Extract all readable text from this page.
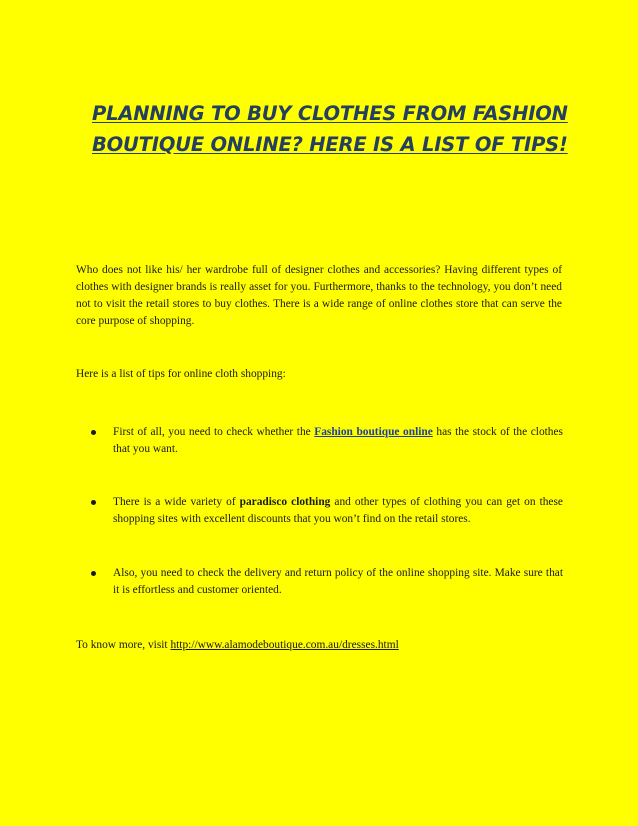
PLANNING TO BUY CLOTHES FROM FASHION
BOUTIQUE ONLINE? HERE IS A LIST OF TIPS!

Who does not like his/ her wardrobe full of designer clothes and accessories? Having different types of clothes with designer brands is really asset for you. Furthermore, thanks to the technology, you don’t need not to visit the retail stores to buy clothes. There is a wide range of online clothes store that can serve the core purpose of shopping.

Here is a list of tips for online cloth shopping:

First of all, you need to check whether the Fashion boutique online has the stock of the clothes that you want.

There is a wide variety of paradisco clothing and other types of clothing you can get on these shopping sites with excellent discounts that you won’t find on the retail stores.

Also, you need to check the delivery and return policy of the online shopping site. Make sure that it is effortless and customer oriented.

To know more, visit http://www.alamodeboutique.com.au/dresses.html
